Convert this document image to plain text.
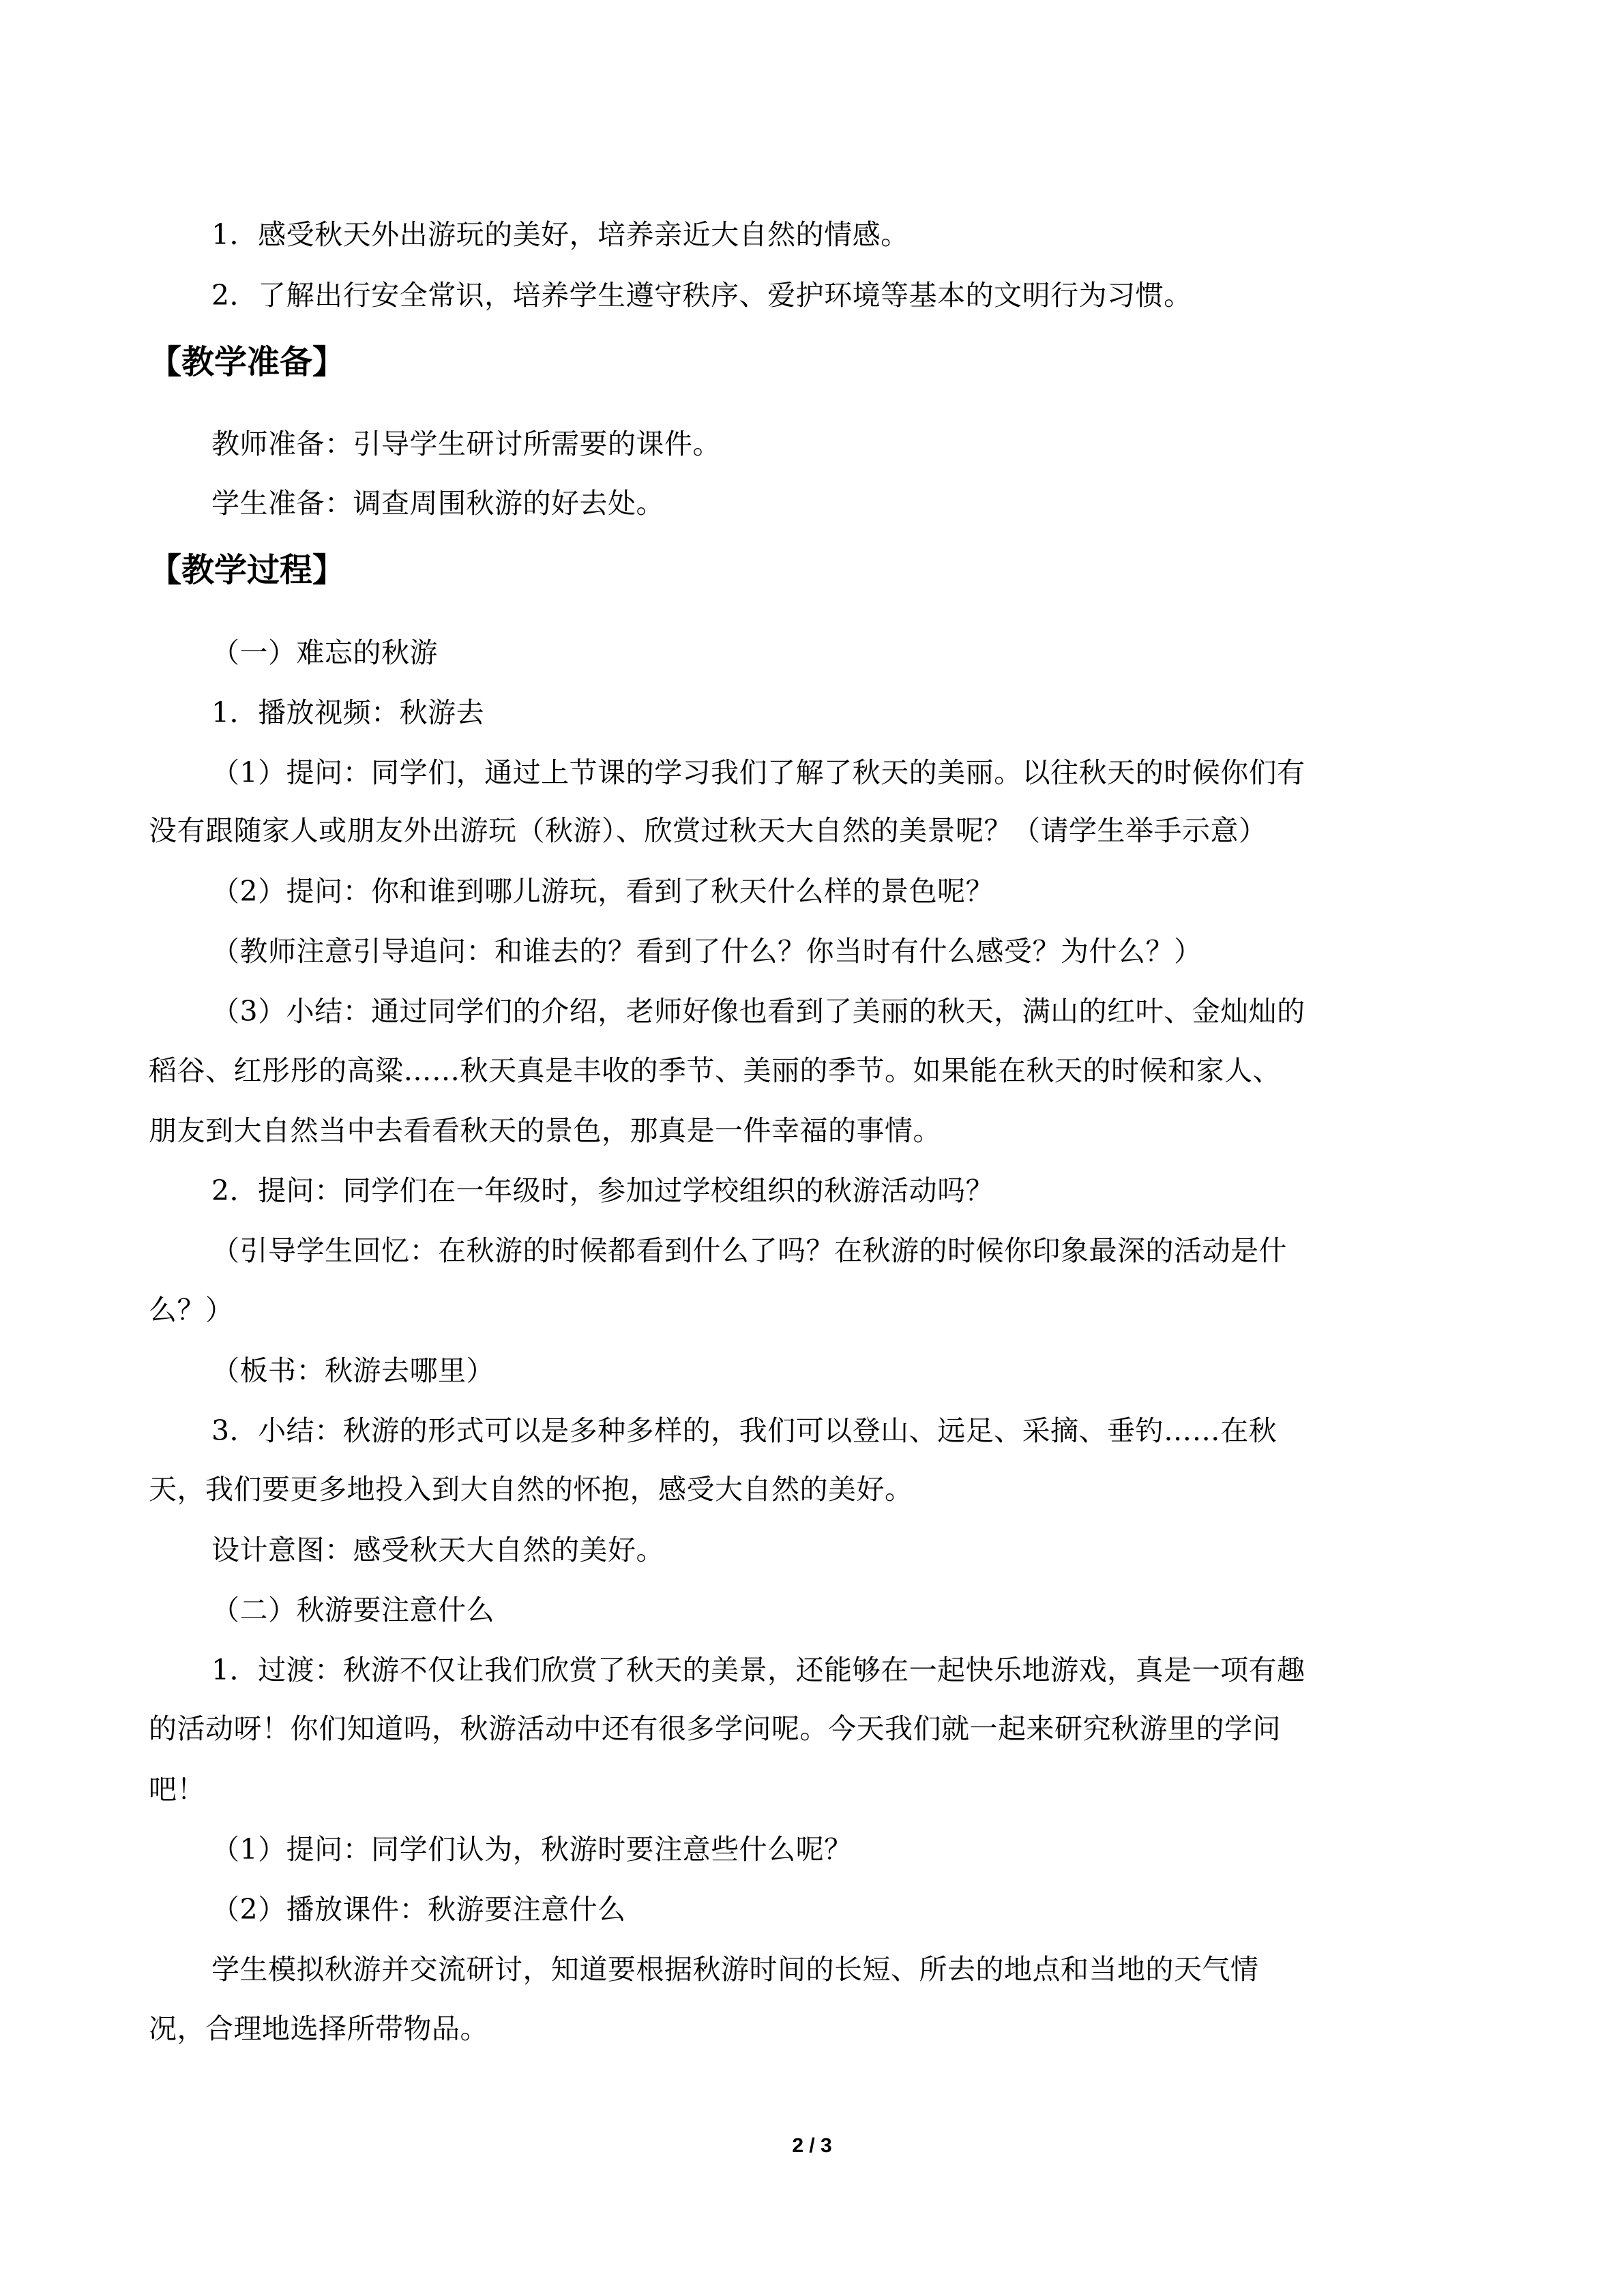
1．感受秋天外出游玩的美好，培养亲近大自然的情感。
2．了解出行安全常识，培养学生遵守秩序、爱护环境等基本的文明行为习惯。
【教学准备】
教师准备：引导学生研讨所需要的课件。
学生准备：调查周围秋游的好去处。
【教学过程】
（一）难忘的秋游
1．播放视频：秋游去
（1）提问：同学们，通过上节课的学习我们了解了秋天的美丽。以往秋天的时候你们有
没有跟随家人或朋友外出游玩（秋游）、欣赏过秋天大自然的美景呢？（请学生举手示意）
（2）提问：你和谁到哪儿游玩，看到了秋天什么样的景色呢？
（教师注意引导追问：和谁去的？看到了什么？你当时有什么感受？为什么？）
（3）小结：通过同学们的介绍，老师好像也看到了美丽的秋天，满山的红叶、金灿灿的
稻谷、红彤彤的高粱……秋天真是丰收的季节、美丽的季节。如果能在秋天的时候和家人、
朋友到大自然当中去看看秋天的景色，那真是一件幸福的事情。
2．提问：同学们在一年级时，参加过学校组织的秋游活动吗？
（引导学生回忆：在秋游的时候都看到什么了吗？在秋游的时候你印象最深的活动是什
么？）
（板书：秋游去哪里）
3．小结：秋游的形式可以是多种多样的，我们可以登山、远足、采摘、垂钓……在秋
天，我们要更多地投入到大自然的怀抱，感受大自然的美好。
设计意图：感受秋天大自然的美好。
（二）秋游要注意什么
1．过渡：秋游不仅让我们欣赏了秋天的美景，还能够在一起快乐地游戏，真是一项有趣
的活动呀！你们知道吗，秋游活动中还有很多学问呢。今天我们就一起来研究秋游里的学问
吧！
（1）提问：同学们认为，秋游时要注意些什么呢？
（2）播放课件：秋游要注意什么
学生模拟秋游并交流研讨，知道要根据秋游时间的长短、所去的地点和当地的天气情
况，合理地选择所带物品。
2 / 3
